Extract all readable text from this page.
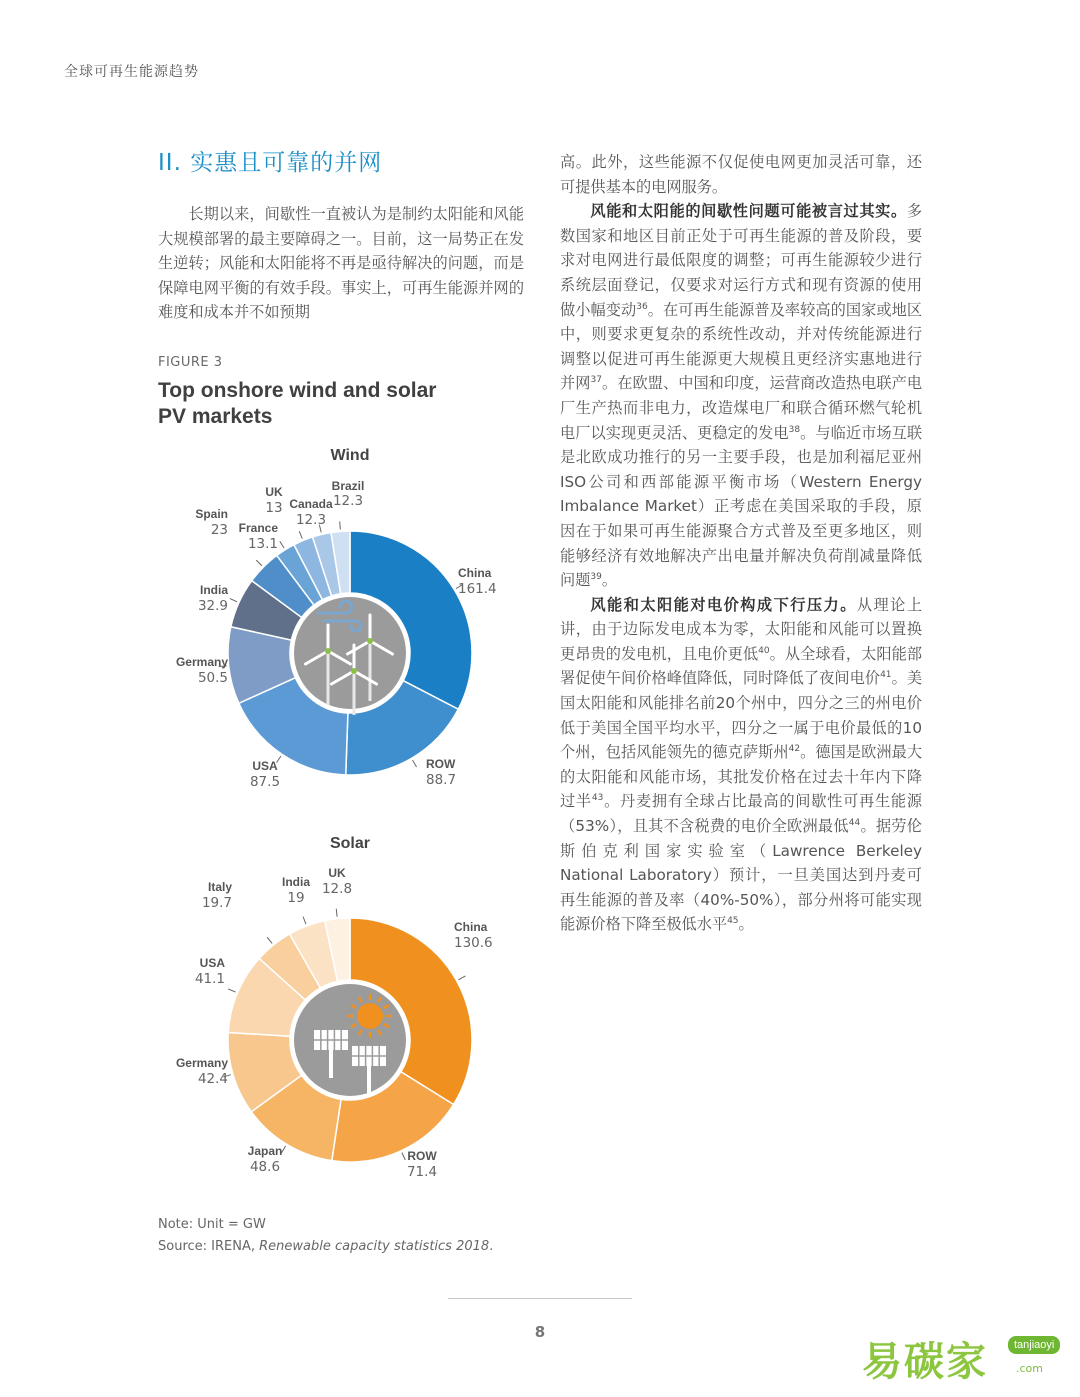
全球可再生能源趋势
II. 实惠且可靠的并网

长期以来，间歇性一直被认为是制约太阳能和风能大规模部署的最主要障碍之一。目前，这一局势正在发生逆转；风能和太阳能将不再是亟待解决的问题，而是保障电网平衡的有效手段。事实上，可再生能源并网的难度和成本并不如预期

FIGURE 3
Top onshore wind and solar PV markets
Wind
China
161.4
ROW
88.7
USA
87.5
Germany
50.5
India
32.9
Spain
23 France
13.1
UK
13 Canada
12.3
Brazil
12.3
Solar
China
130.6
ROW
71.4
Japan
48.6
Germany
42.4
USA
41.1
Italy
19.7
India
19
UK
12.8
Note: Unit = GW
Source: IRENA, Renewable capacity statistics 2018.

高。此外，这些能源不仅促使电网更加灵活可靠，还可提供基本的电网服务。

风能和太阳能的间歇性问题可能被言过其实。多数国家和地区目前正处于可再生能源的普及阶段，要求对电网进行最低限度的调整；可再生能源较少进行系统层面登记，仅要求对运行方式和现有资源的使用做小幅变动$^{36}$。在可再生能源普及率较高的国家或地区中，则要求更复杂的系统性改动，并对传统能源进行调整以促进可再生能源更大规模且更经济实惠地进行并网$^{37}$。在欧盟、中国和印度，运营商改造热电联产电厂生产热而非电力，改造煤电厂和联合循环燃气轮机电厂以实现更灵活、更稳定的发电$^{38}$。与临近市场互联是北欧成功推行的另一主要手段，也是加利福尼亚州ISO公司和西部能源平衡市场（Western Energy Imbalance Market）正考虑在美国采取的手段，原因在于如果可再生能源聚合方式普及至更多地区，则能够经济有效地解决产出电量并解决负荷削减量降低问题$^{39}$。

风能和太阳能对电价构成下行压力。从理论上讲，由于边际发电成本为零，太阳能和风能可以置换更昂贵的发电机，且电价更低$^{40}$。从全球看，太阳能部署促使午间价格峰值降低，同时降低了夜间电价$^{41}$。美国太阳能和风能排名前20个州中，四分之三的州电价低于美国全国平均水平，四分之一属于电价最低的10个州，包括风能领先的德克萨斯州$^{42}$。德国是欧洲最大的太阳能和风能市场，其批发价格在过去十年内下降过半$^{43}$。丹麦拥有全球占比最高的间歇性可再生能源（53%），且其不含税费的电价全欧洲最低$^{44}$。据劳伦斯伯克利国家实验室（Lawrence Berkeley National Laboratory）预计，一旦美国达到丹麦可再生能源的普及率（40%-50%），部分州将可能实现能源价格下降至极低水平$^{45}$。

8
易碳家	tanjiaoyi
.com
